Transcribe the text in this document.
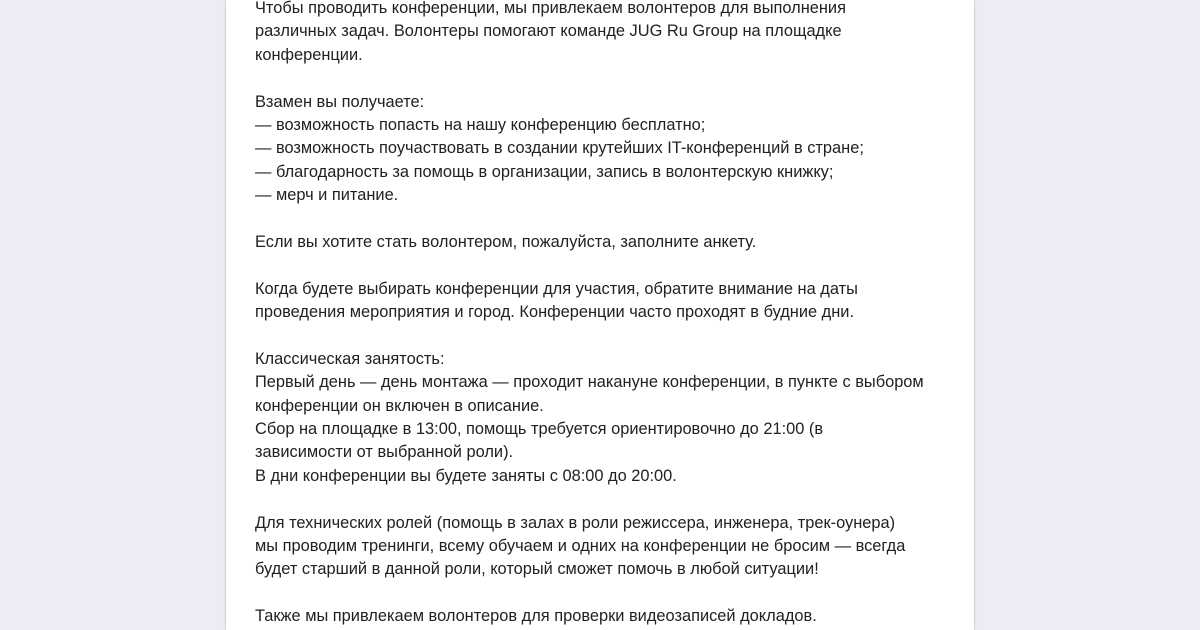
Чтобы проводить конференции, мы привлекаем волонтеров для выполнения
различных задач. Волонтеры помогают команде JUG Ru Group на площадке
конференции.
Взамен вы получаете:
— возможность попасть на нашу конференцию бесплатно;
— возможность поучаствовать в создании крутейших IT-конференций в стране;
— благодарность за помощь в организации, запись в волонтерскую книжку;
— мерч и питание.
Если вы хотите стать волонтером, пожалуйста, заполните анкету.
Когда будете выбирать конференции для участия, обратите внимание на даты
проведения мероприятия и город. Конференции часто проходят в будние дни.
Классическая занятость:
Первый день — день монтажа — проходит накануне конференции, в пункте с выбором
конференции он включен в описание.
Сбор на площадке в 13:00, помощь требуется ориентировочно до 21:00 (в
зависимости от выбранной роли).
В дни конференции вы будете заняты с 08:00 до 20:00.
Для технических ролей (помощь в залах в роли режиссера, инженера, трек-оунера)
мы проводим тренинги, всему обучаем и одних на конференции не бросим — всегда
будет старший в данной роли, который сможет помочь в любой ситуации!
Также мы привлекаем волонтеров для проверки видеозаписей докладов.
